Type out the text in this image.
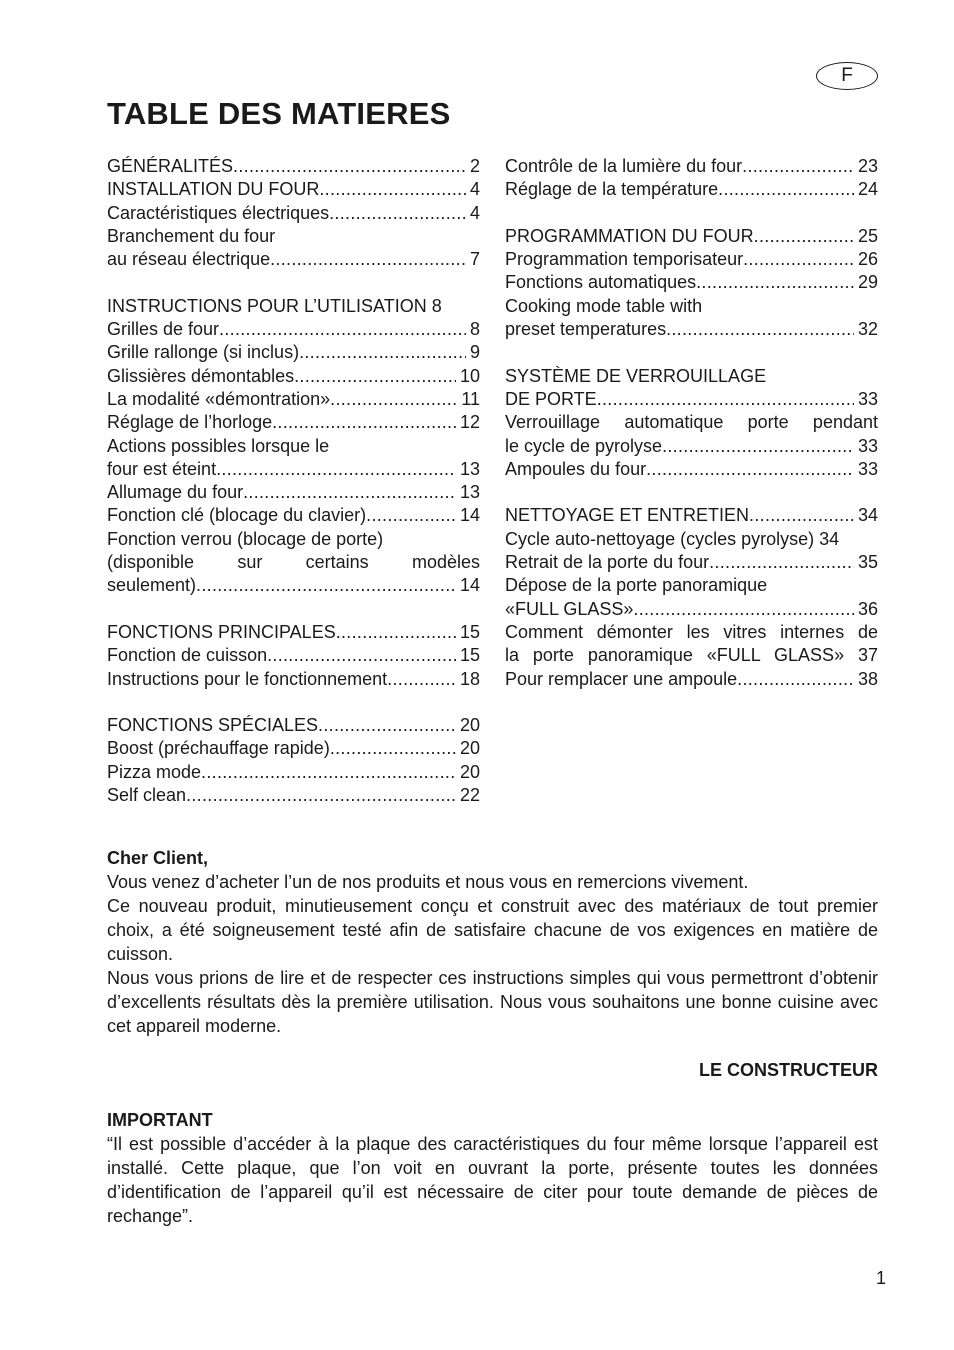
F
TABLE DES MATIERES
GÉNÉRALITÉS .....	2
INSTALLATION DU FOUR .....	4
Caractéristiques électriques .....	4
Branchement du four
au réseau électrique .....	7
INSTRUCTIONS POUR L’UTILISATION 8
Grilles de four .....	8
Grille rallonge (si inclus) .....	9
Glissières démontables .....	10
La modalité «démontration» .....	11
Réglage de l’horloge .....	12
Actions possibles lorsque le
four est éteint .....	13
Allumage du four .....	13
Fonction clé (blocage du clavier) .....	14
Fonction verrou (blocage de porte)
(disponible sur certains modèles
seulement) .....	14
FONCTIONS PRINCIPALES .....	15
Fonction de cuisson .....	15
Instructions pour le fonctionnement .....	18
FONCTIONS SPÉCIALES .....	20
Boost (préchauffage rapide) .....	20
Pizza mode .....	20
Self clean .....	22
Contrôle de la lumière du four .....	23
Réglage de la température .....	24
PROGRAMMATION DU FOUR .....	25
Programmation temporisateur .....	26
Fonctions automatiques .....	29
Cooking mode table with
preset temperatures .....	32
SYSTÈME DE VERROUILLAGE
DE PORTE .....	33
Verrouillage automatique porte pendant
le cycle de pyrolyse .....	33
Ampoules du four .....	33
NETTOYAGE ET ENTRETIEN .....	34
Cycle auto-nettoyage (cycles pyrolyse) 34
Retrait de la porte du four .....	35
Dépose de la porte panoramique
«FULL GLASS» .....	36
Comment démonter les vitres internes de
la porte panoramique «FULL GLASS» 37
Pour remplacer une ampoule .....	38

Cher Client,

Vous venez d’acheter l’un de nos produits et nous vous en remercions vivement.

Ce nouveau produit, minutieusement conçu et construit avec des matériaux de tout premier choix, a été soigneusement testé afin de satisfaire chacune de vos exigences en matière de cuisson.

Nous vous prions de lire et de respecter ces instructions simples qui vous permettront d’obtenir d’excellents résultats dès la première utilisation. Nous vous souhaitons une bonne cuisine avec cet appareil moderne.

LE CONSTRUCTEUR

IMPORTANT

“Il est possible d’accéder à la plaque des caractéristiques du four même lorsque l’appareil est installé. Cette plaque, que l’on voit en ouvrant la porte, présente toutes les données d’identification de l’appareil qu’il est nécessaire de citer pour toute demande de pièces de rechange”.

1
